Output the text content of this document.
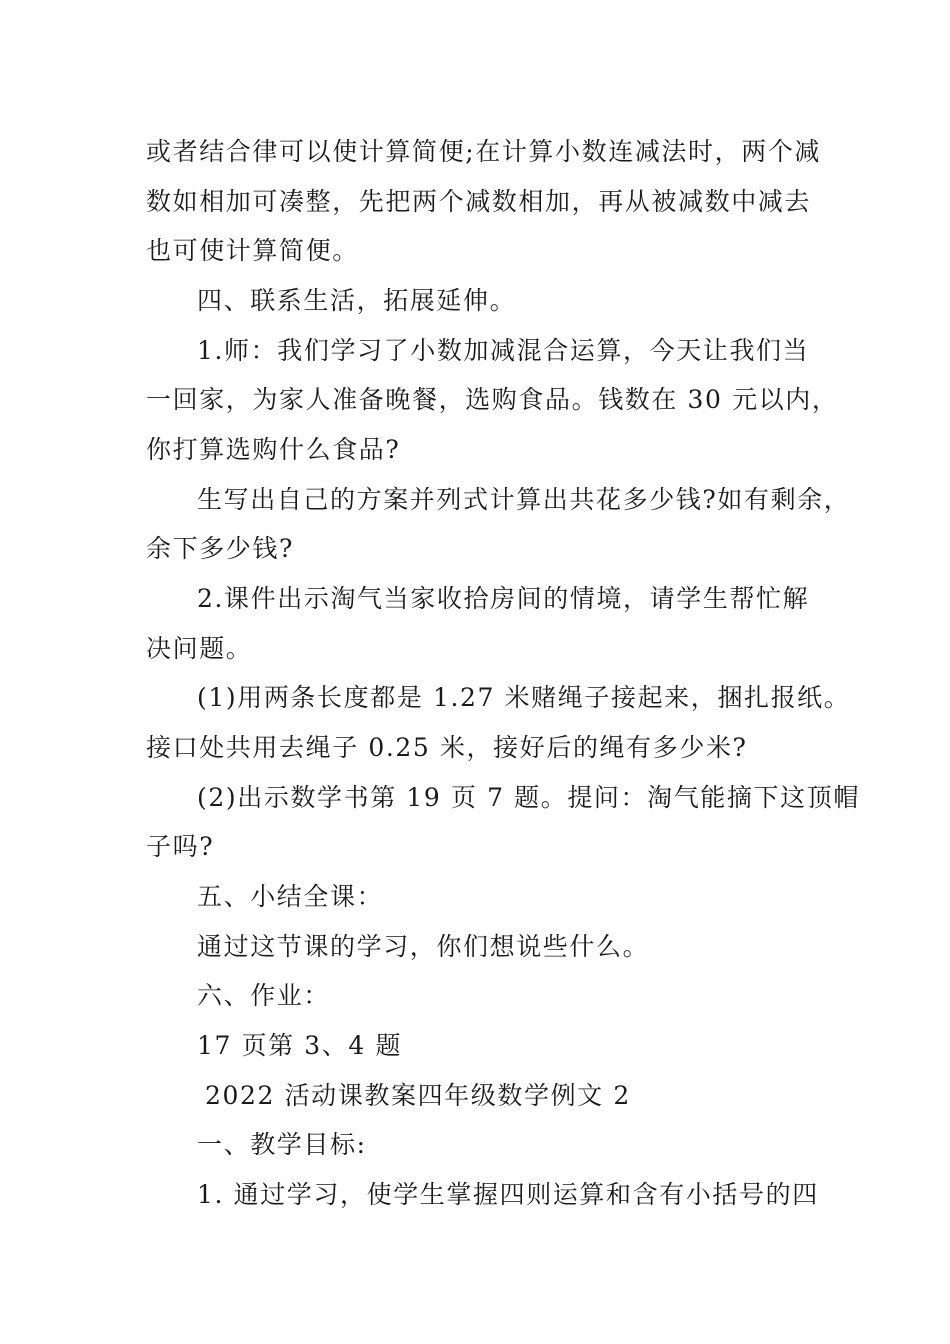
或者结合律可以使计算简便;在计算小数连减法时，两个减
数如相加可凑整，先把两个减数相加，再从被减数中减去
也可使计算简便。
四、联系生活，拓展延伸。
1.师：我们学习了小数加减混合运算，今天让我们当
一回家，为家人准备晚餐，选购食品。钱数在 30 元以内，
你打算选购什么食品?
生写出自己的方案并列式计算出共花多少钱?如有剩余，
余下多少钱?
2.课件出示淘气当家收拾房间的情境，请学生帮忙解
决问题。
(1)用两条长度都是 1.27 米赌绳子接起来，捆扎报纸。
接口处共用去绳子 0.25 米，接好后的绳有多少米?
(2)出示数学书第 19 页 7 题。提问：淘气能摘下这顶帽
子吗?
五、小结全课：
通过这节课的学习，你们想说些什么。
六、作业：
17 页第 3、4 题
2022 活动课教案四年级数学例文 2
一、教学目标:
1. 通过学习，使学生掌握四则运算和含有小括号的四
